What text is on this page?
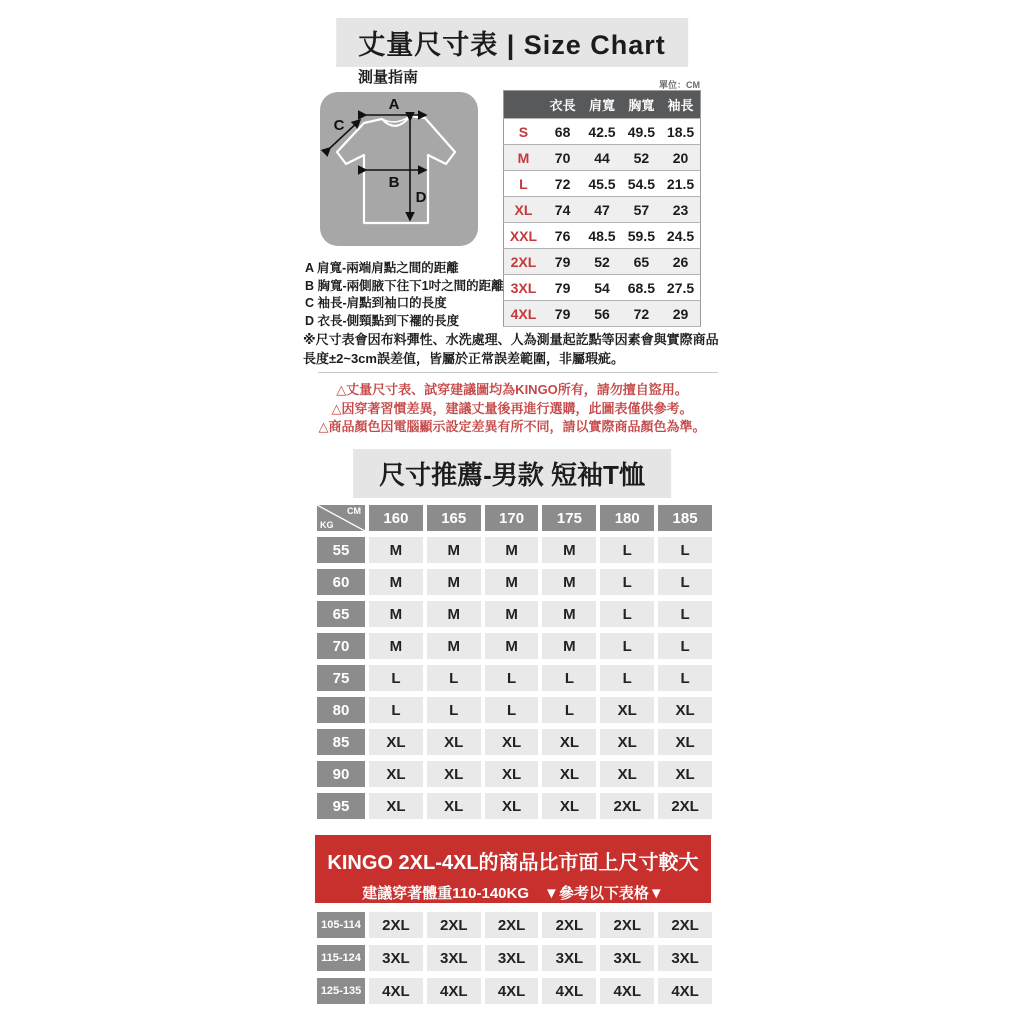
丈量尺寸表 | Size Chart
測量指南	單位：CM
A
C
B
D
	衣長	肩寬	胸寬	袖長
S	68	42.5	49.5	18.5
M	70	44	52	20
L	72	45.5	54.5	21.5
XL	74	47	57	23
XXL	76	48.5	59.5	24.5
2XL	79	52	65	26
3XL	79	54	68.5	27.5
4XL	79	56	72	29
A 肩寬-兩端肩點之間的距離
B 胸寬-兩側腋下往下1吋之間的距離
C 袖長-肩點到袖口的長度
D 衣長-側頸點到下襬的長度
※尺寸表會因布料彈性、水洗處理、人為測量起訖點等因素會與實際商品長度±2~3cm誤差值，皆屬於正常誤差範圍，非屬瑕疵。
△丈量尺寸表、試穿建議圖均為KINGO所有，請勿擅自盜用。
△因穿著習慣差異，建議丈量後再進行選購，此圖表僅供參考。
△商品顏色因電腦顯示設定差異有所不同，請以實際商品顏色為準。
尺寸推薦-男款 短袖T恤
CM
KG	160	165	170	175	180	185
55	M	M	M	M	L	L
60	M	M	M	M	L	L
65	M	M	M	M	L	L
70	M	M	M	M	L	L
75	L	L	L	L	L	L
80	L	L	L	L	XL	XL
85	XL	XL	XL	XL	XL	XL
90	XL	XL	XL	XL	XL	XL
95	XL	XL	XL	XL	2XL	2XL

KINGO 2XL-4XL的商品比市面上尺寸較大

建議穿著體重110-140KG　▼參考以下表格▼

105-114	2XL	2XL	2XL	2XL	2XL	2XL
115-124	3XL	3XL	3XL	3XL	3XL	3XL
125-135	4XL	4XL	4XL	4XL	4XL	4XL
